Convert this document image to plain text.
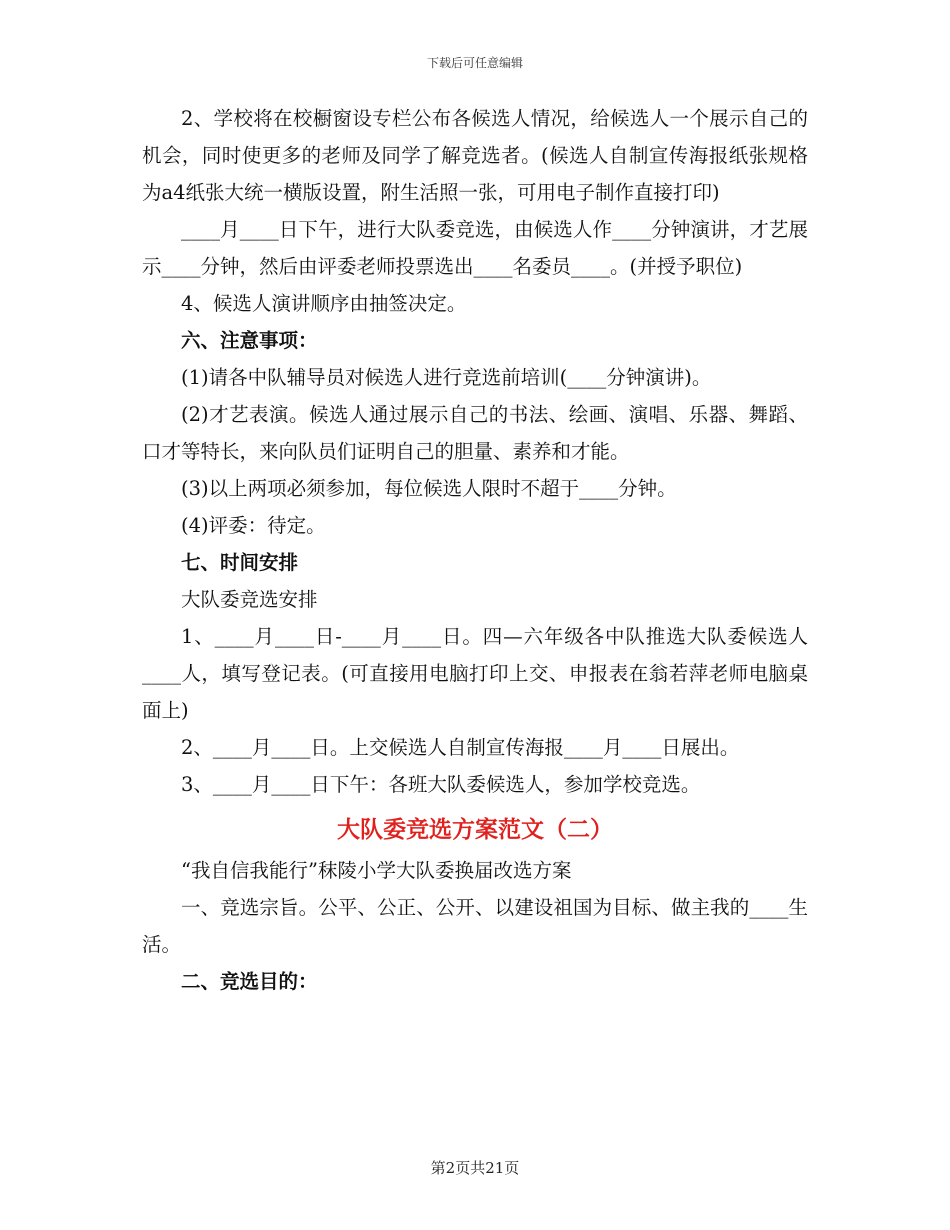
下载后可任意编辑

2、学校将在校橱窗设专栏公布各候选人情况，给候选人一个展示自己的机会，同时使更多的老师及同学了解竞选者。(候选人自制宣传海报纸张规格为a4纸张大统一横版设置，附生活照一张，可用电子制作直接打印)

____月____日下午，进行大队委竞选，由候选人作____分钟演讲，才艺展示____分钟，然后由评委老师投票选出____名委员____。(并授予职位)

4、候选人演讲顺序由抽签决定。

六、注意事项：

(1)请各中队辅导员对候选人进行竞选前培训(____分钟演讲)。

(2)才艺表演。候选人通过展示自己的书法、绘画、演唱、乐器、舞蹈、口才等特长，来向队员们证明自己的胆量、素养和才能。

(3)以上两项必须参加，每位候选人限时不超于____分钟。

(4)评委：待定。

七、时间安排

大队委竞选安排

1、____月____日-____月____日。四—六年级各中队推选大队委候选人____人，填写登记表。(可直接用电脑打印上交、申报表在翁若萍老师电脑桌面上)

2、____月____日。上交候选人自制宣传海报____月____日展出。

3、____月____日下午：各班大队委候选人，参加学校竞选。

大队委竞选方案范文（二）

“我自信我能行”秣陵小学大队委换届改选方案

一、竞选宗旨。公平、公正、公开、以建设祖国为目标、做主我的____生活。

二、竞选目的：

第2页共21页
